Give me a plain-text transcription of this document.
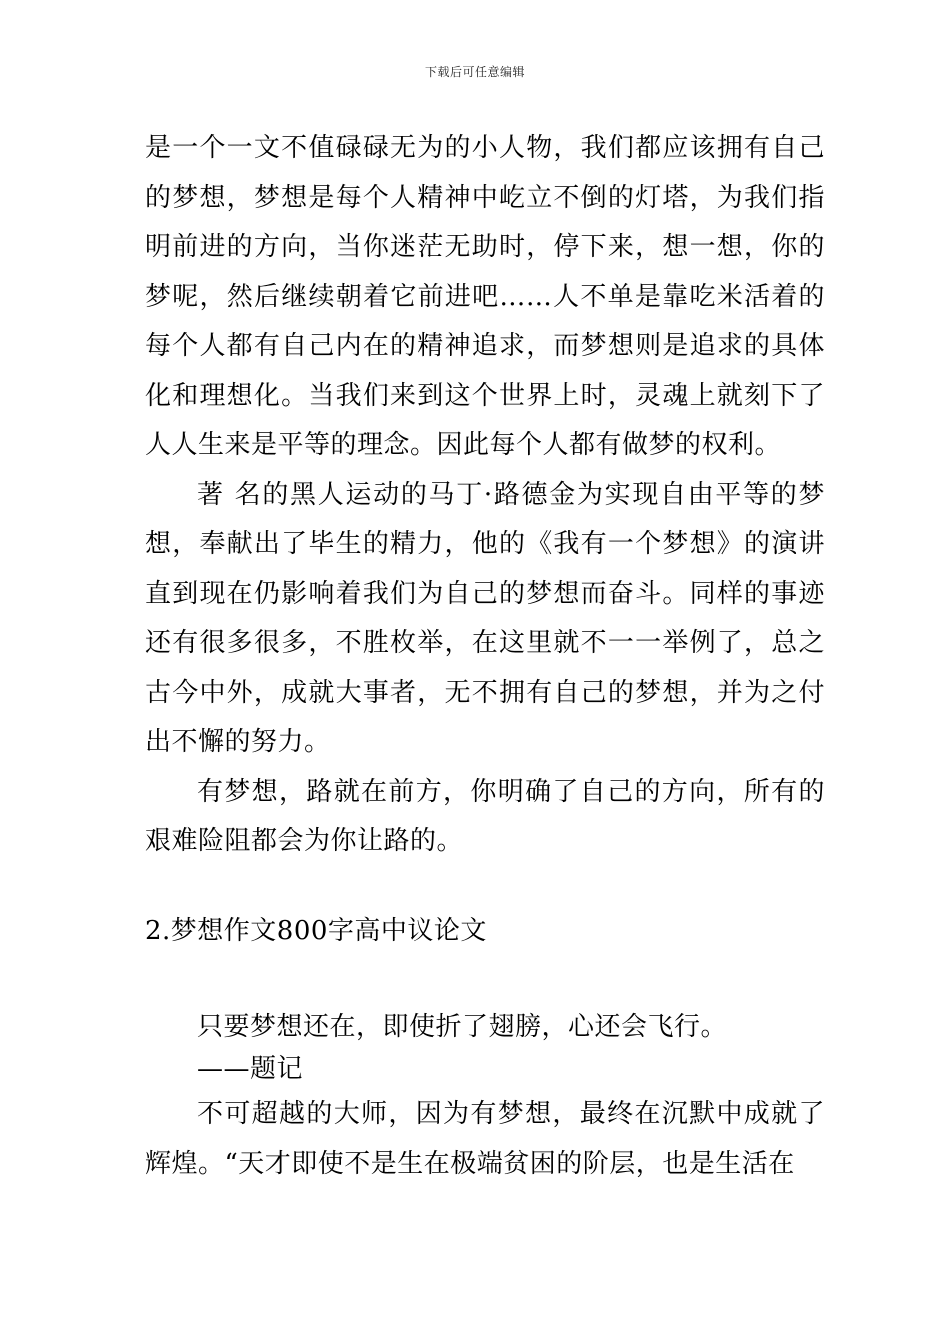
下载后可任意编辑

是一个一文不值碌碌无为的小人物，我们都应该拥有自己的梦想，梦想是每个人精神中屹立不倒的灯塔，为我们指明前进的方向，当你迷茫无助时，停下来，想一想，你的梦呢，然后继续朝着它前进吧……人不单是靠吃米活着的每个人都有自己内在的精神追求，而梦想则是追求的具体化和理想化。当我们来到这个世界上时，灵魂上就刻下了人人生来是平等的理念。因此每个人都有做梦的权利。

著 名的黑人运动的马丁·路德金为实现自由平等的梦想，奉献出了毕生的精力，他的《我有一个梦想》的演讲直到现在仍影响着我们为自己的梦想而奋斗。同样的事迹还有很多很多，不胜枚举，在这里就不一一举例了，总之古今中外，成就大事者，无不拥有自己的梦想，并为之付出不懈的努力。

有梦想，路就在前方，你明确了自己的方向，所有的艰难险阻都会为你让路的。

2.梦想作文800字高中议论文

只要梦想还在，即使折了翅膀，心还会飞行。

——题记

不可超越的大师，因为有梦想，最终在沉默中成就了辉煌。“天才即使不是生在极端贫困的阶层，也是生活在
